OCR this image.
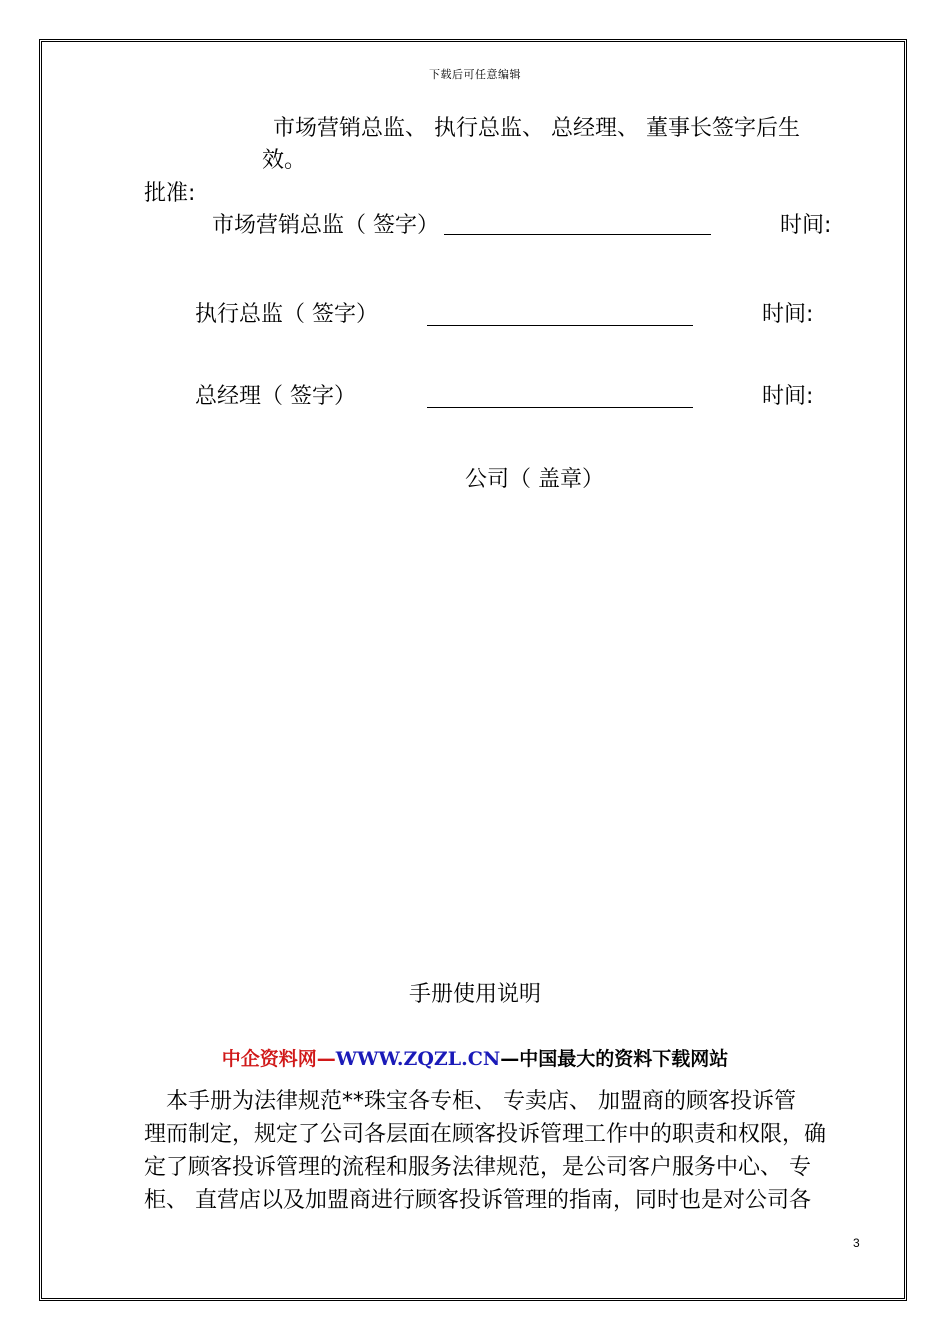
下载后可任意编辑
市场营销总监、 执行总监、 总经理、 董事长签字后生
效。
批准:
市场营销总监（ 签字）	时间:
执行总监（ 签字）	时间:
总经理（ 签字）	时间:
公司（ 盖章）
手册使用说明
中企资料网—WWW.ZQZL.CN—中国最大的资料下载网站
　本手册为法律规范**珠宝各专柜、 专卖店、 加盟商的顾客投诉管
理而制定，规定了公司各层面在顾客投诉管理工作中的职责和权限，确
定了顾客投诉管理的流程和服务法律规范，是公司客户服务中心、 专
柜、 直营店以及加盟商进行顾客投诉管理的指南，同时也是对公司各
3
